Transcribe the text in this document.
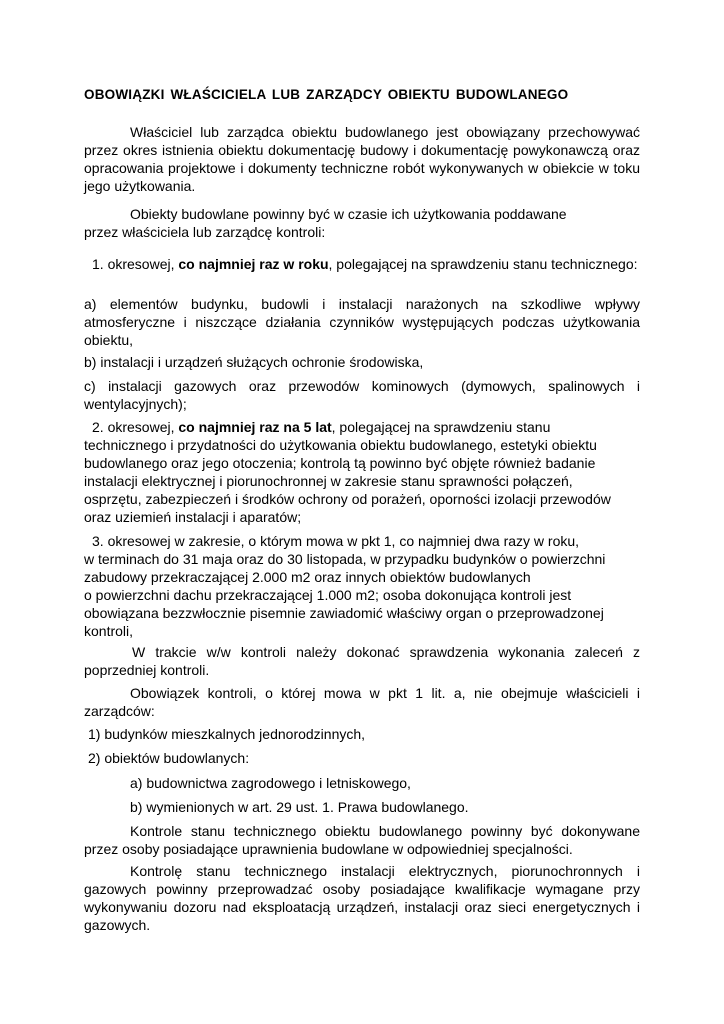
OBOWIĄZKI WŁAŚCICIELA LUB ZARZĄDCY OBIEKTU BUDOWLANEGO

Właściciel lub zarządca obiektu budowlanego jest obowiązany przechowywać przez okres istnienia obiektu dokumentację budowy i dokumentację powykonawczą oraz opracowania projektowe i dokumenty techniczne robót wykonywanych w obiekcie w toku jego użytkowania.

Obiekty budowlane powinny być w czasie ich użytkowania poddawane
przez właściciela lub zarządcę kontroli:

1. okresowej, co najmniej raz w roku, polegającej na sprawdzeniu stanu technicznego:

a) elementów budynku, budowli i instalacji narażonych na szkodliwe wpływy atmosferyczne i niszczące działania czynników występujących podczas użytkowania obiektu,

b) instalacji i urządzeń służących ochronie środowiska,

c) instalacji gazowych oraz przewodów kominowych (dymowych, spalinowych i wentylacyjnych);

2. okresowej, co najmniej raz na 5 lat, polegającej na sprawdzeniu stanu
technicznego i przydatności do użytkowania obiektu budowlanego, estetyki obiektu
budowlanego oraz jego otoczenia; kontrolą tą powinno być objęte również badanie
instalacji elektrycznej i piorunochronnej w zakresie stanu sprawności połączeń,
osprzętu, zabezpieczeń i środków ochrony od porażeń, oporności izolacji przewodów
oraz uziemień instalacji i aparatów;
3. okresowej w zakresie, o którym mowa w pkt 1, co najmniej dwa razy w roku,
w terminach do 31 maja oraz do 30 listopada, w przypadku budynków o powierzchni
zabudowy przekraczającej 2.000 m2 oraz innych obiektów budowlanych
o powierzchni dachu przekraczającej 1.000 m2; osoba dokonująca kontroli jest
obowiązana bezzwłocznie pisemnie zawiadomić właściwy organ o przeprowadzonej
kontroli,

W trakcie w/w kontroli należy dokonać sprawdzenia wykonania zaleceń z poprzedniej kontroli.

Obowiązek kontroli, o której mowa w pkt 1 lit. a, nie obejmuje właścicieli i zarządców:

1) budynków mieszkalnych jednorodzinnych,
2) obiektów budowlanych:
a) budownictwa zagrodowego i letniskowego,
b) wymienionych w art. 29 ust. 1. Prawa budowlanego.

Kontrole stanu technicznego obiektu budowlanego powinny być dokonywane przez osoby posiadające uprawnienia budowlane w odpowiedniej specjalności.

Kontrolę stanu technicznego instalacji elektrycznych, piorunochronnych i gazowych powinny przeprowadzać osoby posiadające kwalifikacje wymagane przy wykonywaniu dozoru nad eksploatacją urządzeń, instalacji oraz sieci energetycznych i gazowych.
